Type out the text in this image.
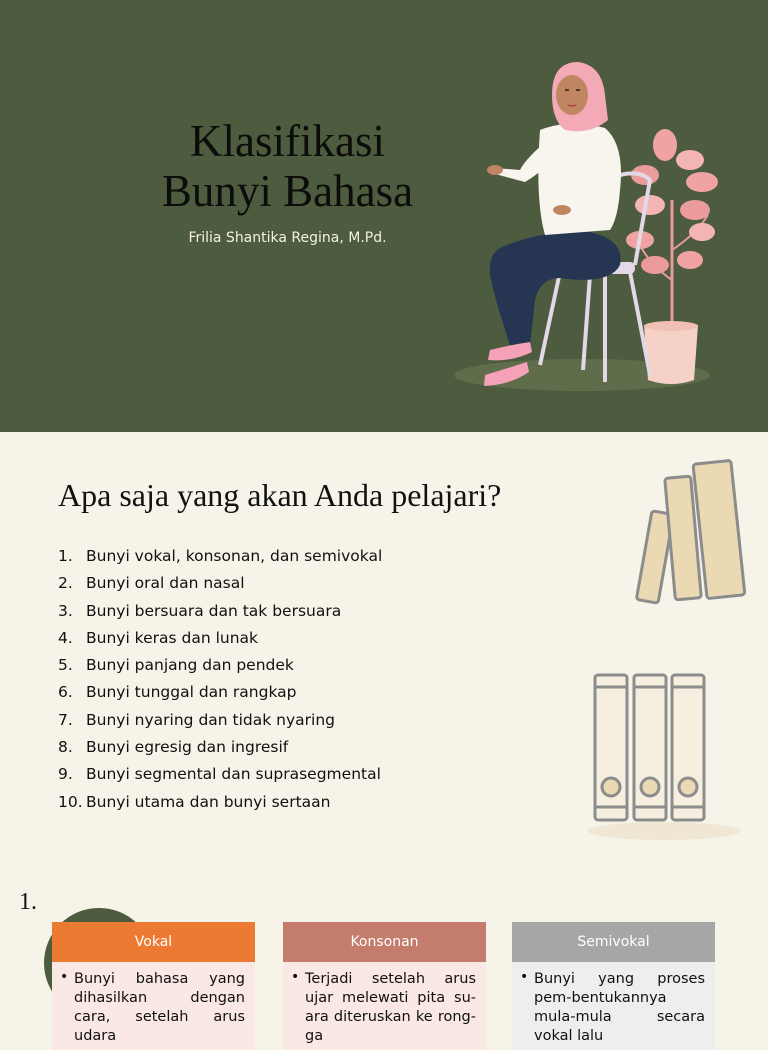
Klasifikasi
Bunyi Bahasa
Frilia Shantika Regina, M.Pd.
Apa saja yang akan Anda pelajari?
1. Bunyi vokal, konsonan, dan semivokal
2. Bunyi oral dan nasal
3. Bunyi bersuara dan tak bersuara
4. Bunyi keras dan lunak
5. Bunyi panjang dan pendek
6. Bunyi tunggal dan rangkap
7. Bunyi nyaring dan tidak nyaring
8. Bunyi egresig dan ingresif
9. Bunyi segmental dan suprasegmental
10. Bunyi utama dan bunyi sertaan
1.
Vokal
• Bunyi bahasa yang dihasilkan dengan cara, setelah arus udara
Konsonan
• Terjadi setelah arus ujar melewati pita su-ara diteruskan ke rong-ga
Semivokal
• Bunyi yang proses pem-bentukannya mula-mula secara vokal lalu
